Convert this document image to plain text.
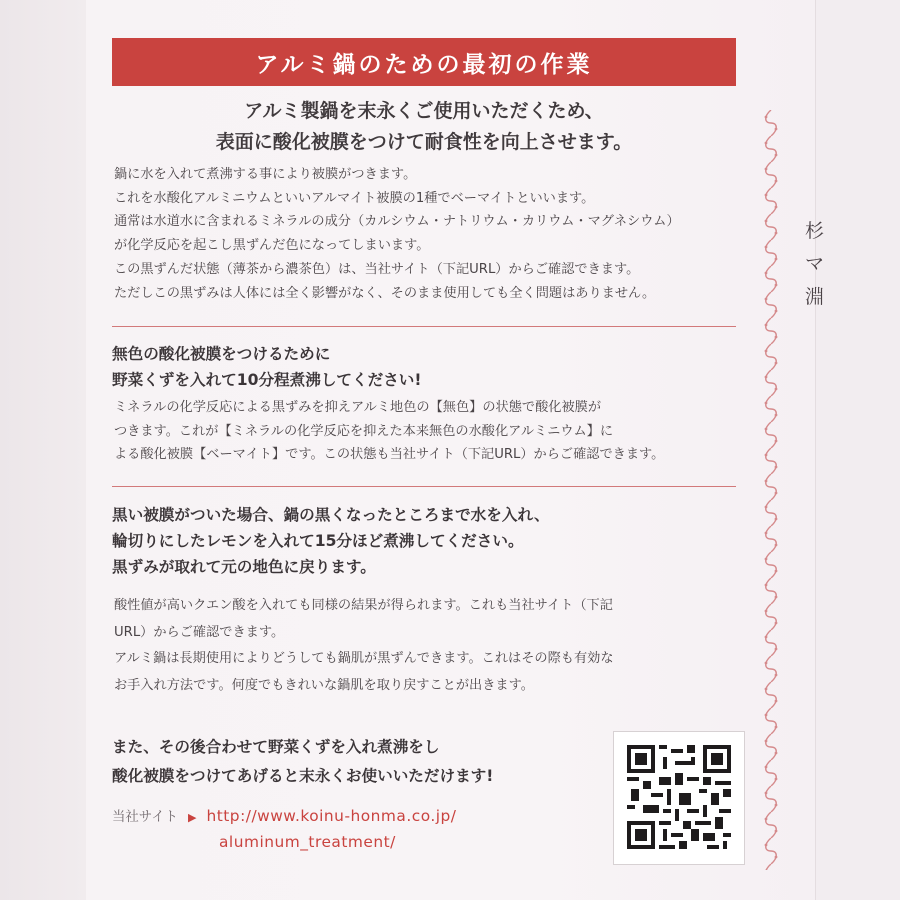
杉
マ
淵
アルミ鍋のための最初の作業
アルミ製鍋を末永くご使用いただくため、
表面に酸化被膜をつけて耐食性を向上させます。
鍋に水を入れて煮沸する事により被膜がつきます。
これを水酸化アルミニウムといいアルマイト被膜の1種でベーマイトといいます。
通常は水道水に含まれるミネラルの成分（カルシウム・ナトリウム・カリウム・マグネシウム）
が化学反応を起こし黒ずんだ色になってしまいます。
この黒ずんだ状態（薄茶から濃茶色）は、当社サイト（下記URL）からご確認できます。
ただしこの黒ずみは人体には全く影響がなく、そのまま使用しても全く問題はありません。
無色の酸化被膜をつけるために
野菜くずを入れて10分程煮沸してください!
ミネラルの化学反応による黒ずみを抑えアルミ地色の【無色】の状態で酸化被膜が
つきます。これが【ミネラルの化学反応を抑えた本来無色の水酸化アルミニウム】に
よる酸化被膜【ベーマイト】です。この状態も当社サイト（下記URL）からご確認できます。
黒い被膜がついた場合、鍋の黒くなったところまで水を入れ、
輪切りにしたレモンを入れて15分ほど煮沸してください。
黒ずみが取れて元の地色に戻ります。
酸性値が高いクエン酸を入れても同様の結果が得られます。これも当社サイト（下記
URL）からご確認できます。
アルミ鍋は長期使用によりどうしても鍋肌が黒ずんできます。これはその際も有効な
お手入れ方法です。何度でもきれいな鍋肌を取り戻すことが出きます。
また、その後合わせて野菜くずを入れ煮沸をし
酸化被膜をつけてあげると末永くお使いいただけます!
当社サイト ▶ http://www.koinu-honma.co.jp/
aluminum_treatment/
